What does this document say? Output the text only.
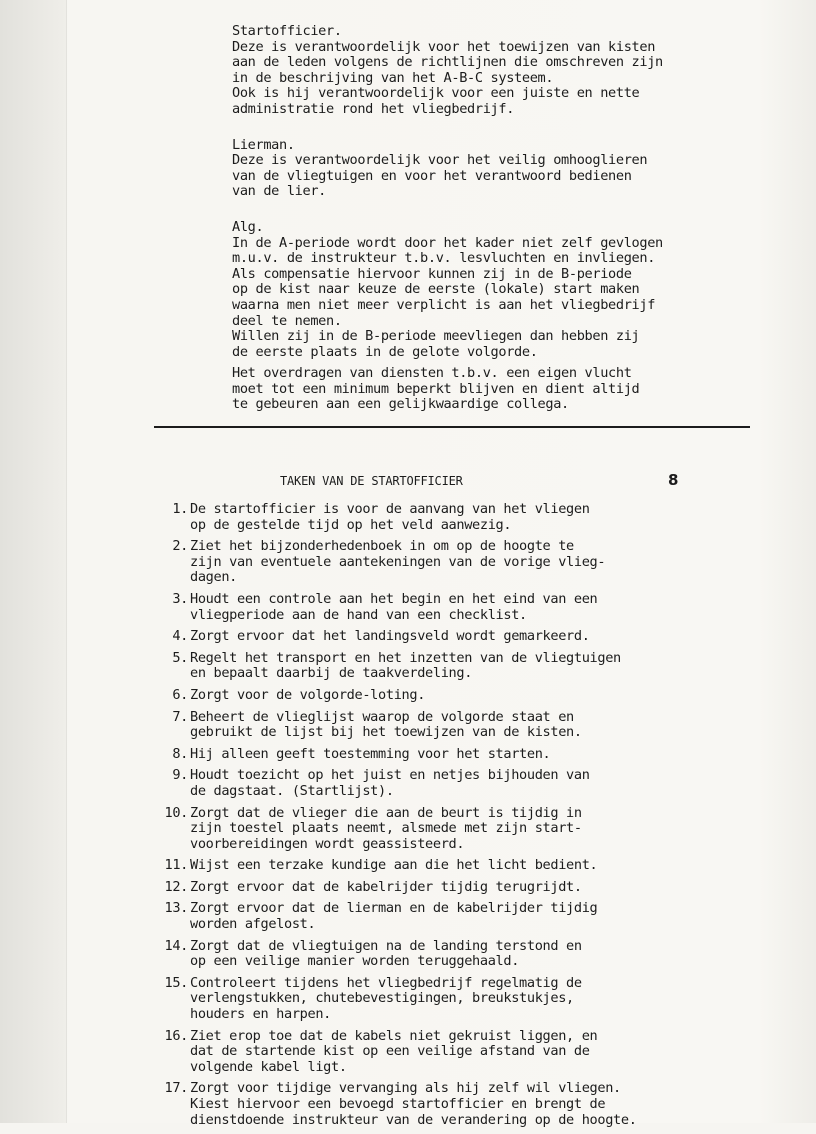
Startofficier.
Deze is verantwoordelijk voor het toewijzen van kisten
aan de leden volgens de richtlijnen die omschreven zijn
in de beschrijving van het A-B-C systeem.
Ook is hij verantwoordelijk voor een juiste en nette
administratie rond het vliegbedrijf.
Lierman.
Deze is verantwoordelijk voor het veilig omhooglieren
van de vliegtuigen en voor het verantwoord bedienen
van de lier.
Alg.
In de A-periode wordt door het kader niet zelf gevlogen
m.u.v. de instrukteur t.b.v. lesvluchten en invliegen.
Als compensatie hiervoor kunnen zij in de B-periode
op de kist naar keuze de eerste (lokale) start maken
waarna men niet meer verplicht is aan het vliegbedrijf
deel te nemen.
Willen zij in de B-periode meevliegen dan hebben zij
de eerste plaats in de gelote volgorde.
Het overdragen van diensten t.b.v. een eigen vlucht
moet tot een minimum beperkt blijven en dient altijd
te gebeuren aan een gelijkwaardige collega.
TAKEN VAN DE STARTOFFICIER	8
1. De startofficier is voor de aanvang van het vliegen
op de gestelde tijd op het veld aanwezig.
2. Ziet het bijzonderhedenboek in om op de hoogte te
zijn van eventuele aantekeningen van de vorige vlieg-
dagen.
3. Houdt een controle aan het begin en het eind van een
vliegperiode aan de hand van een checklist.
4. Zorgt ervoor dat het landingsveld wordt gemarkeerd.
5. Regelt het transport en het inzetten van de vliegtuigen
en bepaalt daarbij de taakverdeling.
6. Zorgt voor de volgorde-loting.
7. Beheert de vlieglijst waarop de volgorde staat en
gebruikt de lijst bij het toewijzen van de kisten.
8. Hij alleen geeft toestemming voor het starten.
9. Houdt toezicht op het juist en netjes bijhouden van
de dagstaat. (Startlijst).
10. Zorgt dat de vlieger die aan de beurt is tijdig in
zijn toestel plaats neemt, alsmede met zijn start-
voorbereidingen wordt geassisteerd.
11. Wijst een terzake kundige aan die het licht bedient.
12. Zorgt ervoor dat de kabelrijder tijdig terugrijdt.
13. Zorgt ervoor dat de lierman en de kabelrijder tijdig
worden afgelost.
14. Zorgt dat de vliegtuigen na de landing terstond en
op een veilige manier worden teruggehaald.
15. Controleert tijdens het vliegbedrijf regelmatig de
verlengstukken, chutebevestigingen, breukstukjes,
houders en harpen.
16. Ziet erop toe dat de kabels niet gekruist liggen, en
dat de startende kist op een veilige afstand van de
volgende kabel ligt.
17. Zorgt voor tijdige vervanging als hij zelf wil vliegen.
Kiest hiervoor een bevoegd startofficier en brengt de
dienstdoende instrukteur van de verandering op de hoogte.
